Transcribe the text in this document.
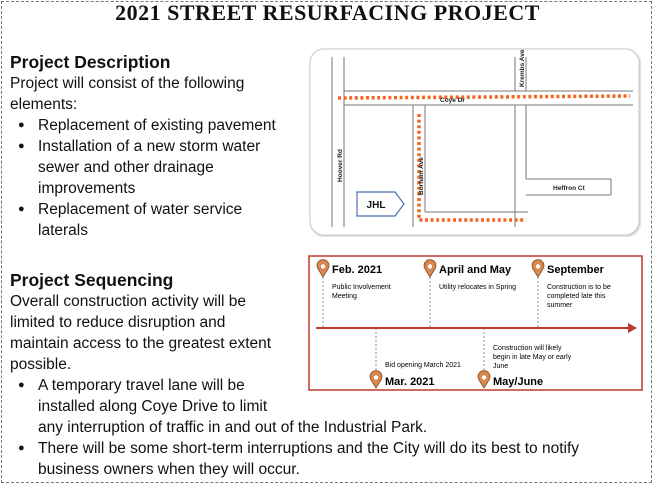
2021 STREET RESURFACING PROJECT
Project Description

Project will consist of the following
elements:

● Replacement of existing pavement
● Installation of a new storm water
sewer and other drainage
improvements
● Replacement of water service
laterals
Project Sequencing

Overall construction activity will be
limited to reduce disruption and
maintain access to the greatest extent
possible.

● A temporary travel lane will be
installed along Coye Drive to limit
any interruption of traffic in and out of the Industrial Park.
● There will be some short-term interruptions and the City will do its best to notify
business owners when they will occur.
Coye Dr
Krembs Ave
Hoover Rd	Borham Ave	Heffron Ct
JHL
Feb. 2021
Public Involvement
Meeting
April and May
Utility relocates in Spring
September
Construction is to be
completed late this
summer
Bid opening March 2021
Mar. 2021
Construction will likely
begin in late May or early
June
May/June
